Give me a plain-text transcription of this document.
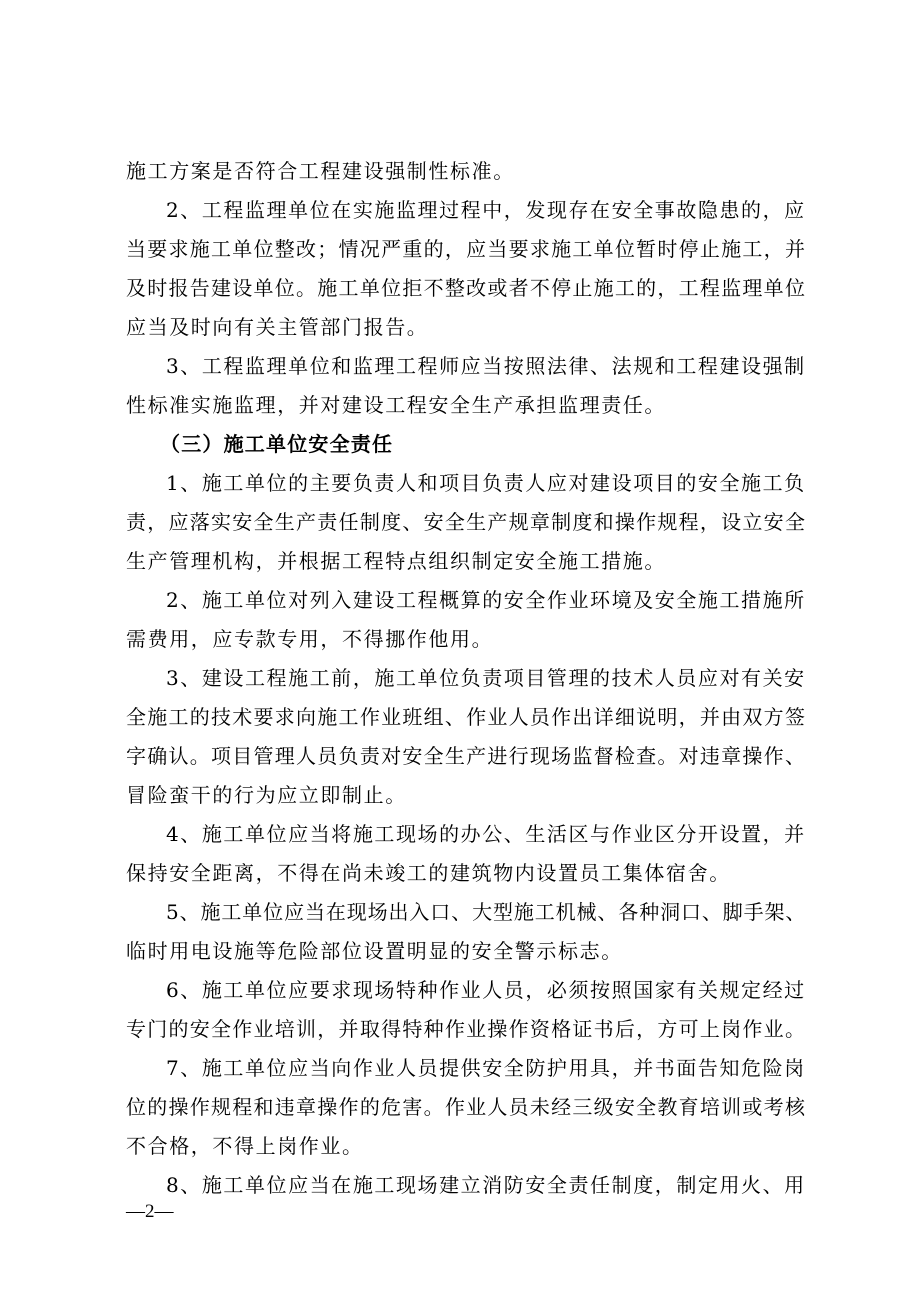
施工方案是否符合工程建设强制性标准。
2、工程监理单位在实施监理过程中，发现存在安全事故隐患的，应
当要求施工单位整改；情况严重的，应当要求施工单位暂时停止施工，并
及时报告建设单位。施工单位拒不整改或者不停止施工的，工程监理单位
应当及时向有关主管部门报告。
3、工程监理单位和监理工程师应当按照法律、法规和工程建设强制
性标准实施监理，并对建设工程安全生产承担监理责任。
（三）施工单位安全责任
1、施工单位的主要负责人和项目负责人应对建设项目的安全施工负
责，应落实安全生产责任制度、安全生产规章制度和操作规程，设立安全
生产管理机构，并根据工程特点组织制定安全施工措施。
2、施工单位对列入建设工程概算的安全作业环境及安全施工措施所
需费用，应专款专用，不得挪作他用。
3、建设工程施工前，施工单位负责项目管理的技术人员应对有关安
全施工的技术要求向施工作业班组、作业人员作出详细说明，并由双方签
字确认。项目管理人员负责对安全生产进行现场监督检查。对违章操作、
冒险蛮干的行为应立即制止。
4、施工单位应当将施工现场的办公、生活区与作业区分开设置，并
保持安全距离，不得在尚未竣工的建筑物内设置员工集体宿舍。
5、施工单位应当在现场出入口、大型施工机械、各种洞口、脚手架、
临时用电设施等危险部位设置明显的安全警示标志。
6、施工单位应要求现场特种作业人员，必须按照国家有关规定经过
专门的安全作业培训，并取得特种作业操作资格证书后，方可上岗作业。
7、施工单位应当向作业人员提供安全防护用具，并书面告知危险岗
位的操作规程和违章操作的危害。作业人员未经三级安全教育培训或考核
不合格，不得上岗作业。
8、施工单位应当在施工现场建立消防安全责任制度，制定用火、用
—2—
